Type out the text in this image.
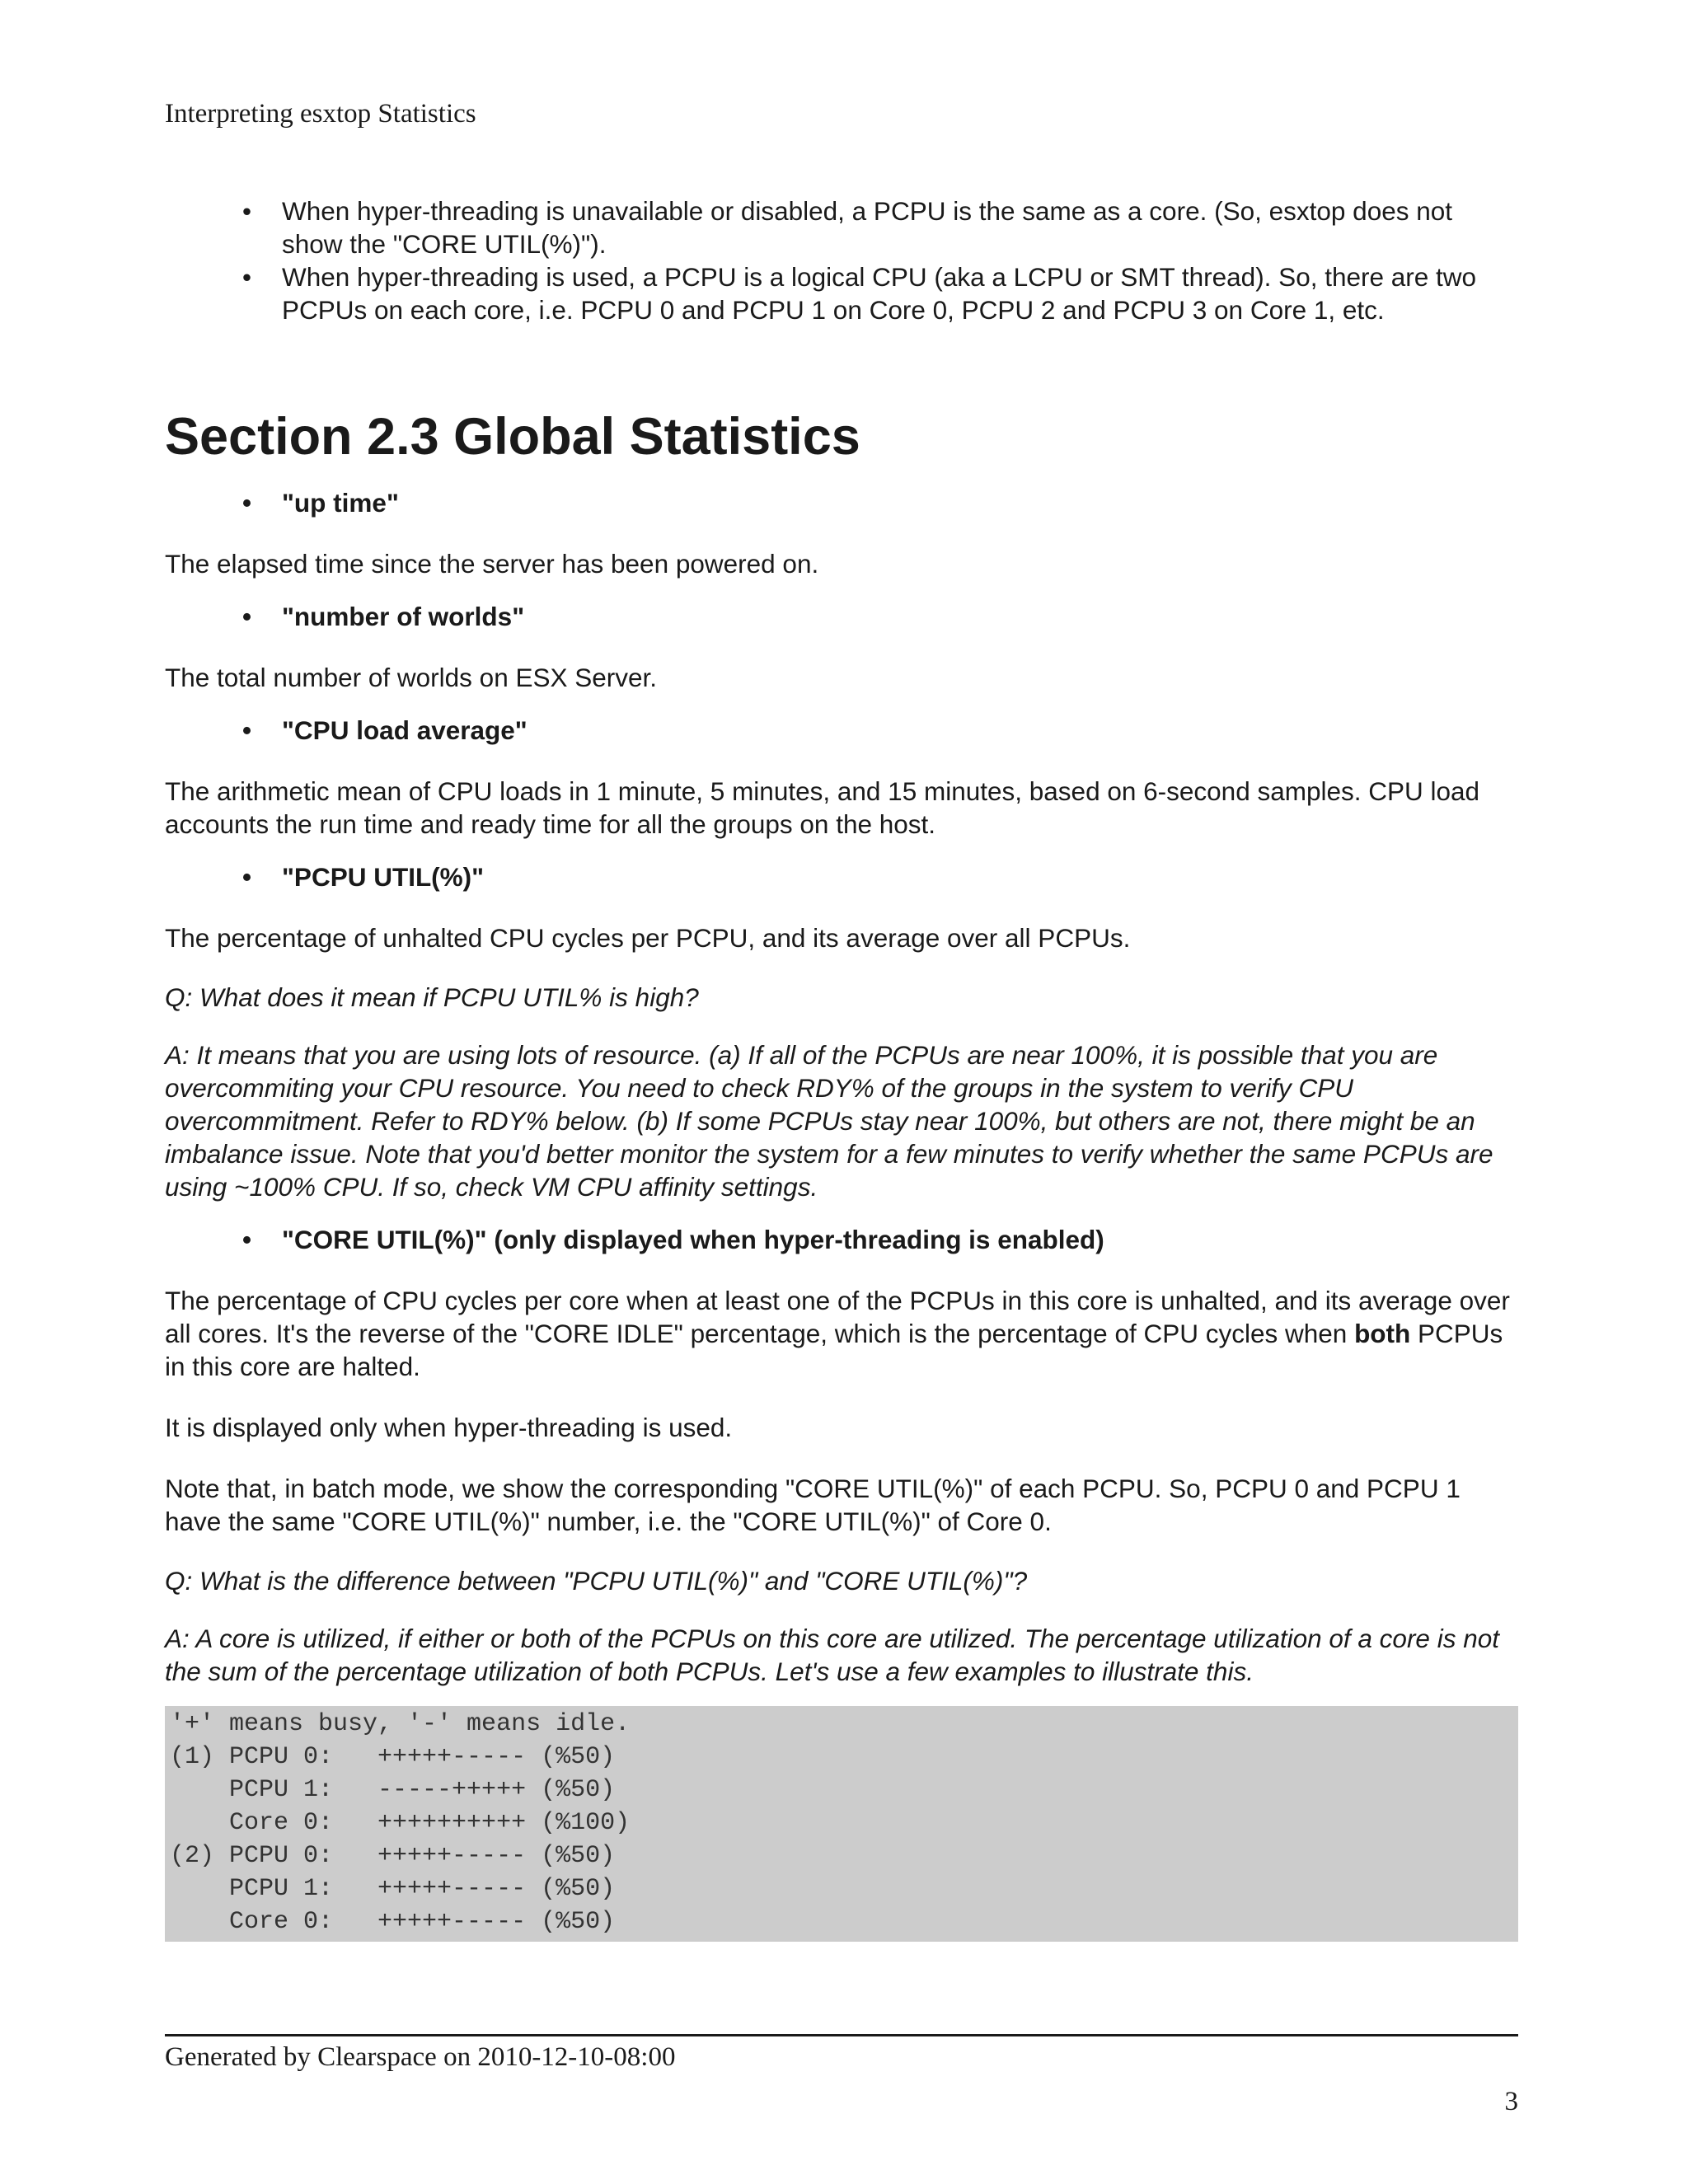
Interpreting esxtop Statistics
• When hyper-threading is unavailable or disabled, a PCPU is the same as a core. (So, esxtop does not show the "CORE UTIL(%)").
• When hyper-threading is used, a PCPU is a logical CPU (aka a LCPU or SMT thread). So, there are two PCPUs on each core, i.e. PCPU 0 and PCPU 1 on Core 0, PCPU 2 and PCPU 3 on Core 1, etc.
Section 2.3 Global Statistics
• "up time"

The elapsed time since the server has been powered on.

• "number of worlds"

The total number of worlds on ESX Server.

• "CPU load average"

The arithmetic mean of CPU loads in 1 minute, 5 minutes, and 15 minutes, based on 6-second samples. CPU load accounts the run time and ready time for all the groups on the host.

• "PCPU UTIL(%)"

The percentage of unhalted CPU cycles per PCPU, and its average over all PCPUs.

Q: What does it mean if PCPU UTIL% is high?

A: It means that you are using lots of resource. (a) If all of the PCPUs are near 100%, it is possible that you are overcommiting your CPU resource. You need to check RDY% of the groups in the system to verify CPU overcommitment. Refer to RDY% below. (b) If some PCPUs stay near 100%, but others are not, there might be an imbalance issue. Note that you'd better monitor the system for a few minutes to verify whether the same PCPUs are using ~100% CPU. If so, check VM CPU affinity settings.

• "CORE UTIL(%)" (only displayed when hyper-threading is enabled)

The percentage of CPU cycles per core when at least one of the PCPUs in this core is unhalted, and its average over all cores. It's the reverse of the "CORE IDLE" percentage, which is the percentage of CPU cycles when both PCPUs in this core are halted.

It is displayed only when hyper-threading is used.

Note that, in batch mode, we show the corresponding "CORE UTIL(%)" of each PCPU. So, PCPU 0 and PCPU 1 have the same "CORE UTIL(%)" number, i.e. the "CORE UTIL(%)" of Core 0.

Q: What is the difference between "PCPU UTIL(%)" and "CORE UTIL(%)"?

A: A core is utilized, if either or both of the PCPUs on this core are utilized. The percentage utilization of a core is not the sum of the percentage utilization of both PCPUs. Let's use a few examples to illustrate this.

'+' means busy, '-' means idle.
(1) PCPU 0:   +++++----- (%50)
PCPU 1:   -----+++++ (%50)
Core 0:   ++++++++++ (%100)
(2) PCPU 0:   +++++----- (%50)
PCPU 1:   +++++----- (%50)
Core 0:   +++++----- (%50)
Generated by Clearspace on 2010-12-10-08:00
3
